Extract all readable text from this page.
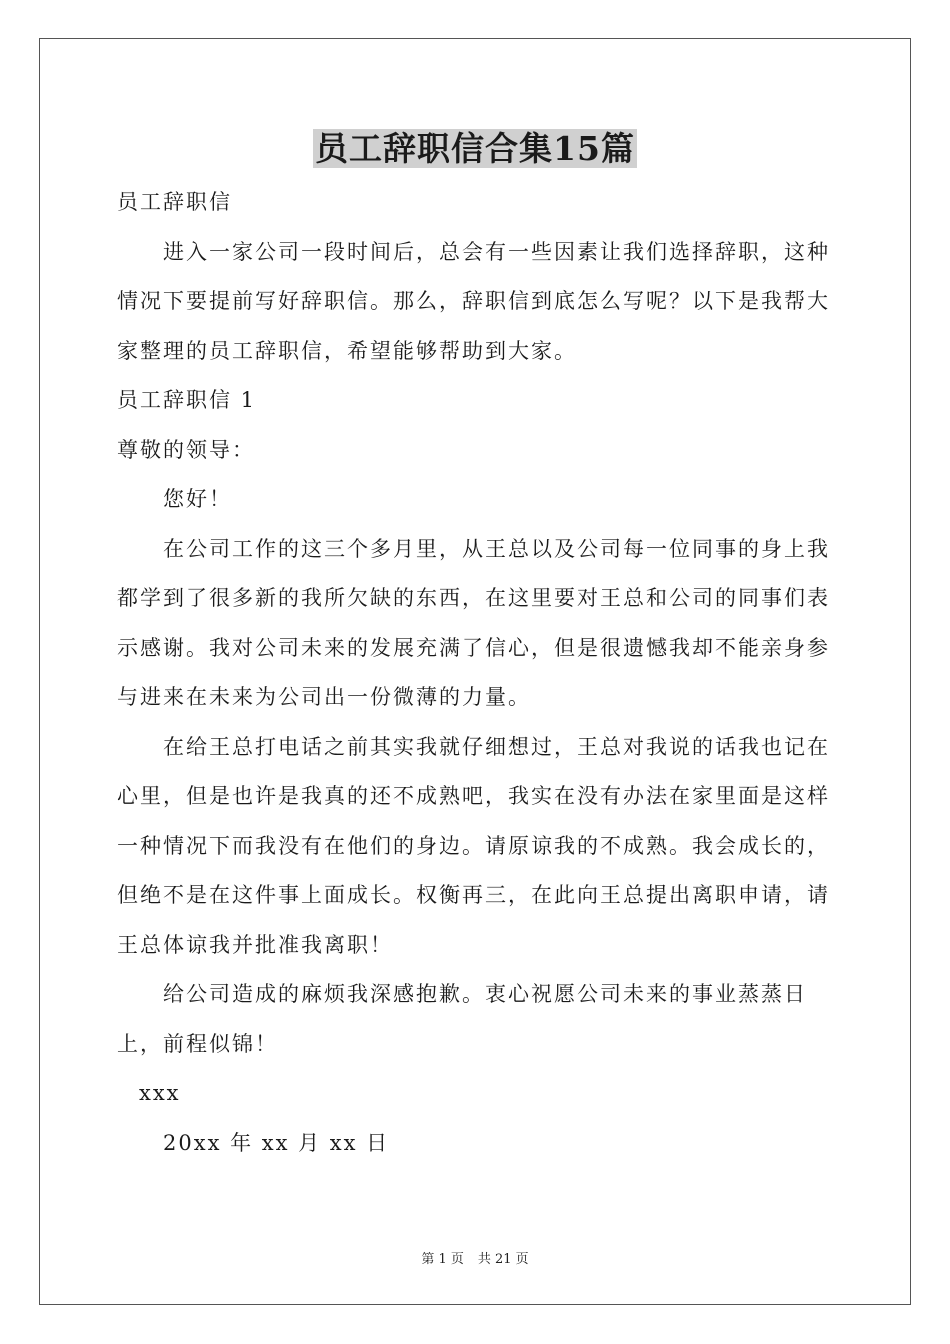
员工辞职信合集15篇

员工辞职信

进入一家公司一段时间后，总会有一些因素让我们选择辞职，这种情况下要提前写好辞职信。那么，辞职信到底怎么写呢？以下是我帮大家整理的员工辞职信，希望能够帮助到大家。

员工辞职信 1

尊敬的领导：

您好！

在公司工作的这三个多月里，从王总以及公司每一位同事的身上我都学到了很多新的我所欠缺的东西，在这里要对王总和公司的同事们表示感谢。我对公司未来的发展充满了信心，但是很遗憾我却不能亲身参与进来在未来为公司出一份微薄的力量。

在给王总打电话之前其实我就仔细想过，王总对我说的话我也记在心里，但是也许是我真的还不成熟吧，我实在没有办法在家里面是这样一种情况下而我没有在他们的身边。请原谅我的不成熟。我会成长的，但绝不是在这件事上面成长。权衡再三，在此向王总提出离职申请，请王总体谅我并批准我离职！

给公司造成的麻烦我深感抱歉。衷心祝愿公司未来的事业蒸蒸日上，前程似锦！

xxx

20xx 年 xx 月 xx 日

第 1 页 共 21 页
